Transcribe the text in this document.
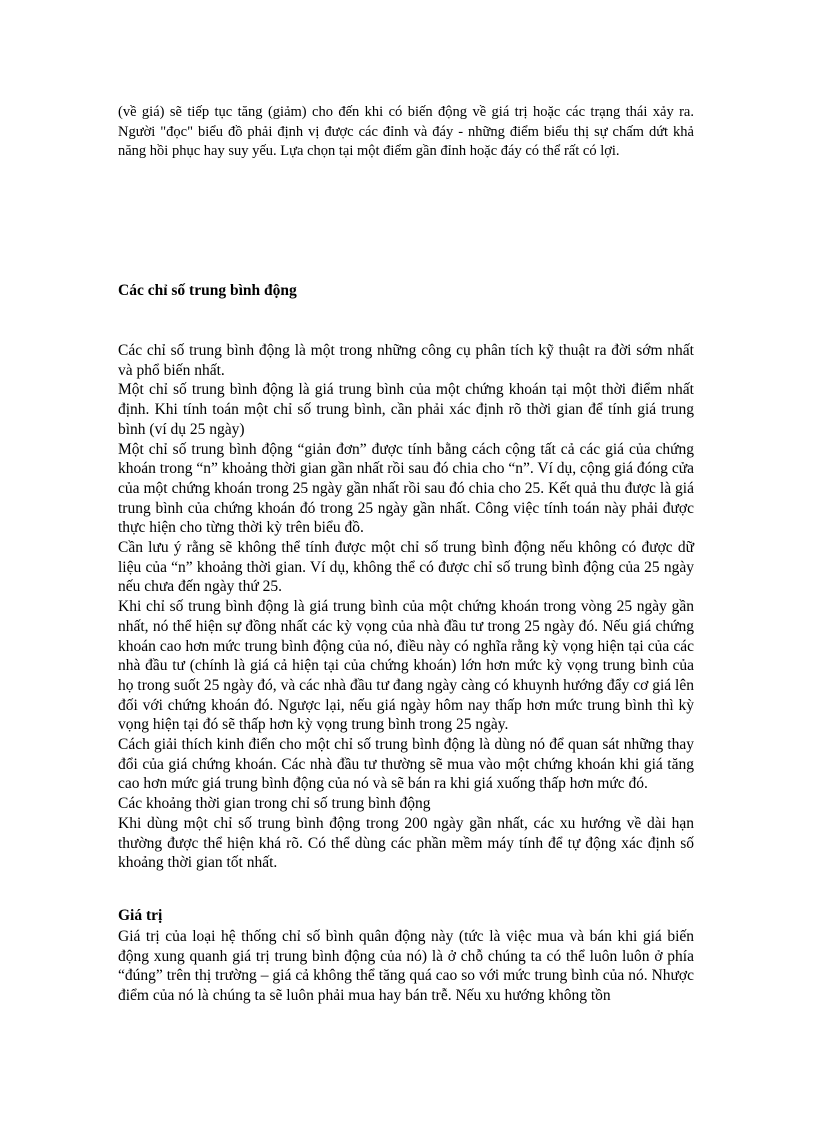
(về giá) sẽ tiếp tục tăng (giảm) cho đến khi có biến động về giá trị hoặc các trạng thái xảy ra. Người "đọc" biểu đồ phải định vị được các đỉnh và đáy - những điểm biểu thị sự chấm dứt khả năng hồi phục hay suy yếu. Lựa chọn tại một điểm gần đỉnh hoặc đáy có thể rất có lợi.

Các chỉ số trung bình động

Các chỉ số trung bình động là một trong những công cụ phân tích kỹ thuật ra đời sớm nhất và phổ biến nhất.

Một chỉ số trung bình động là giá trung bình của một chứng khoán tại một thời điểm nhất định. Khi tính toán một chỉ số trung bình, cần phải xác định rõ thời gian để tính giá trung bình (ví dụ 25 ngày)

Một chỉ số trung bình động “giản đơn” được tính bằng cách cộng tất cả các giá của chứng khoán trong “n” khoảng thời gian gần nhất rồi sau đó chia cho “n”. Ví dụ, cộng giá đóng cửa của một chứng khoán trong 25 ngày gần nhất rồi sau đó chia cho 25. Kết quả thu được là giá trung bình của chứng khoán đó trong 25 ngày gần nhất. Công việc tính toán này phải được thực hiện cho từng thời kỳ trên biểu đồ.

Cần lưu ý rằng sẽ không thể tính được một chỉ số trung bình động nếu không có được dữ liệu của “n” khoảng thời gian. Ví dụ, không thể có được chỉ số trung bình động của 25 ngày nếu chưa đến ngày thứ 25.

Khi chỉ số trung bình động là giá trung bình của một chứng khoán trong vòng 25 ngày gần nhất, nó thể hiện sự đồng nhất các kỳ vọng của nhà đầu tư trong 25 ngày đó. Nếu giá chứng khoán cao hơn mức trung bình động của nó, điều này có nghĩa rằng kỳ vọng hiện tại của các nhà đầu tư (chính là giá cả hiện tại của chứng khoán) lớn hơn mức kỳ vọng trung bình của họ trong suốt 25 ngày đó, và các nhà đầu tư đang ngày càng có khuynh hướng đẩy cơ giá lên đối với chứng khoán đó. Ngược lại, nếu giá ngày hôm nay thấp hơn mức trung bình thì kỳ vọng hiện tại đó sẽ thấp hơn kỳ vọng trung bình trong 25 ngày.

Cách giải thích kinh điển cho một chỉ số trung bình động là dùng nó để quan sát những thay đổi của giá chứng khoán. Các nhà đầu tư thường sẽ mua vào một chứng khoán khi giá tăng cao hơn mức giá trung bình động của nó và sẽ bán ra khi giá xuống thấp hơn mức đó.

Các khoảng thời gian trong chỉ số trung bình động

Khi dùng một chỉ số trung bình động trong 200 ngày gần nhất, các xu hướng về dài hạn thường được thể hiện khá rõ. Có thể dùng các phần mềm máy tính để tự động xác định số khoảng thời gian tốt nhất.

Giá trị

Giá trị của loại hệ thống chỉ số bình quân động này (tức là việc mua và bán khi giá biến động xung quanh giá trị trung bình động của nó) là ở chỗ chúng ta có thể luôn luôn ở phía “đúng” trên thị trường – giá cả không thể tăng quá cao so với mức trung bình của nó. Nhược điểm của nó là chúng ta sẽ luôn phải mua hay bán trễ. Nếu xu hướng không tồn
